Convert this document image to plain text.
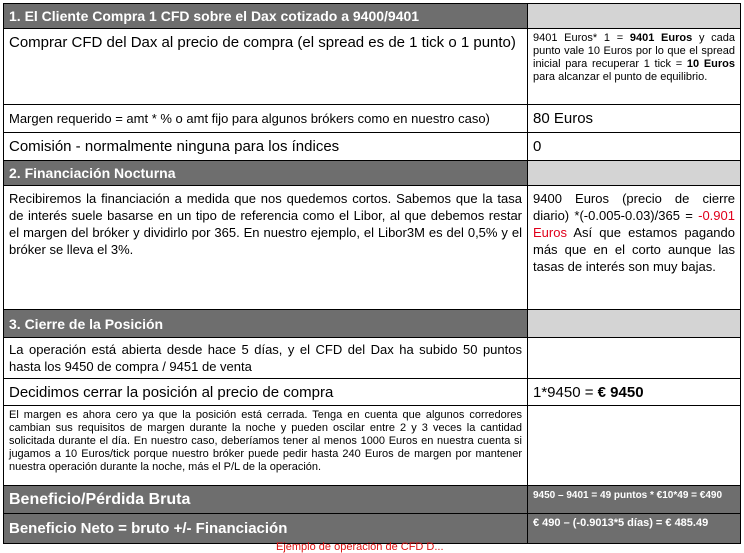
1. El Cliente Compra 1 CFD sobre el Dax cotizado a 9400/9401	
Comprar CFD del Dax al precio de compra (el spread es de 1 tick o 1 punto)	9401 Euros* 1 = 9401 Euros y cada punto vale 10 Euros por lo que el spread inicial para recuperar 1 tick = 10 Euros para alcanzar el punto de equilibrio.
Margen requerido = amt * % o amt fijo para algunos brókers como en nuestro caso)	80 Euros
Comisión - normalmente ninguna para los índices	0
2. Financiación Nocturna	
Recibiremos la financiación a medida que nos quedemos cortos. Sabemos que la tasa de interés suele basarse en un tipo de referencia como el Libor, al que debemos restar el margen del bróker y dividirlo por 365. En nuestro ejemplo, el Libor3M es del 0,5% y el bróker se lleva el 3%.	9400 Euros (precio de cierre diario) *(-0.005-0.03)/365 = -0.901 Euros Así que estamos pagando más que en el corto aunque las tasas de interés son muy bajas.
3. Cierre de la Posición	
La operación está abierta desde hace 5 días, y el CFD del Dax ha subido 50 puntos hasta los 9450 de compra / 9451 de venta	
Decidimos cerrar la posición al precio de compra	1*9450 = € 9450
El margen es ahora cero ya que la posición está cerrada. Tenga en cuenta que algunos corredores cambian sus requisitos de margen durante la noche y pueden oscilar entre 2 y 3 veces la cantidad solicitada durante el día. En nuestro caso, deberíamos tener al menos 1000 Euros en nuestra cuenta si jugamos a 10 Euros/tick porque nuestro bróker puede pedir hasta 240 Euros de margen por mantener nuestra operación durante la noche, más el P/L de la operación.	
Beneficio/Pérdida Bruta	9450 – 9401 = 49 puntos * €10*49 = €490
Beneficio Neto = bruto +/- Financiación	€ 490 – (-0.9013*5 días) = € 485.49
Ejemplo de operación de CFD D...
